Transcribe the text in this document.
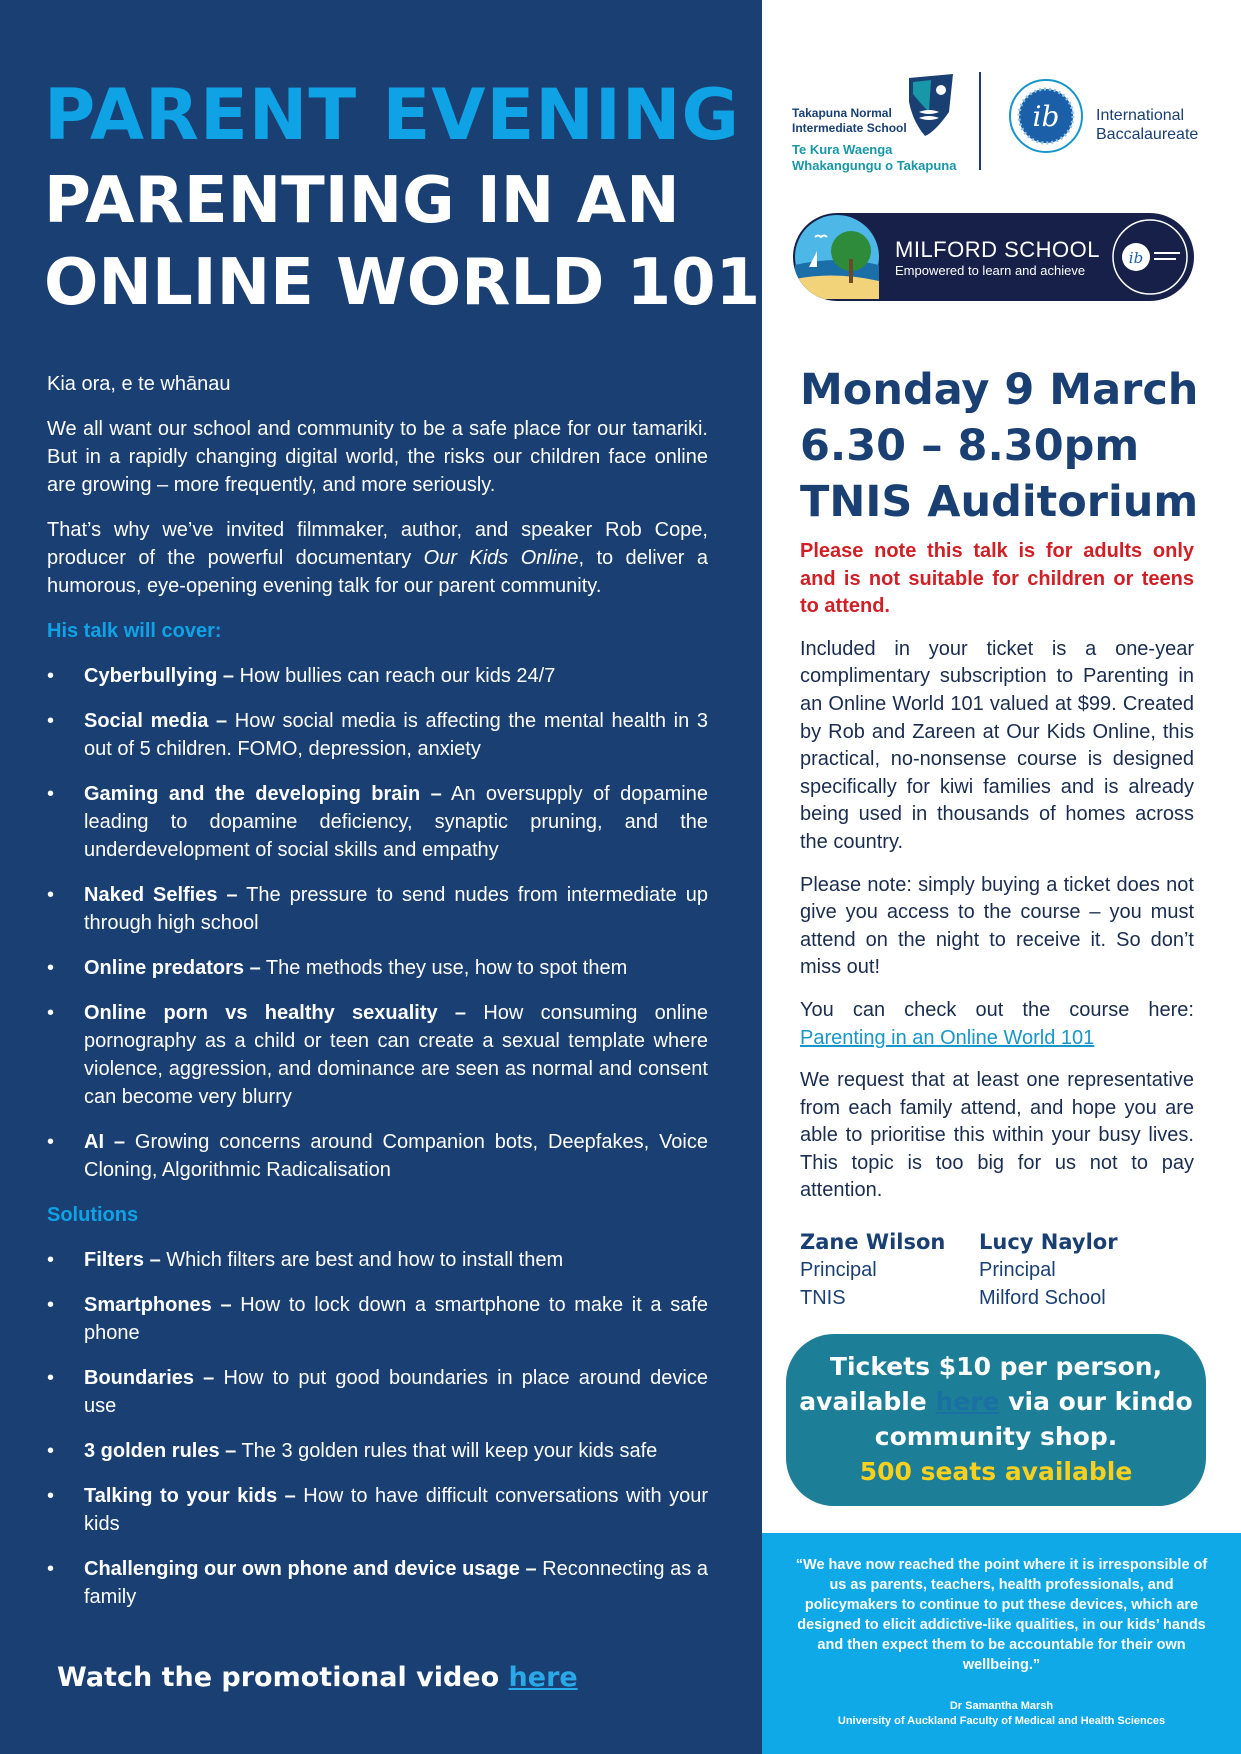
PARENT EVENING
PARENTING IN AN
ONLINE WORLD 101

Kia ora, e te whānau

We all want our school and community to be a safe place for our tamariki. But in a rapidly changing digital world, the risks our children face online are growing – more frequently, and more seriously.

That’s why we’ve invited filmmaker, author, and speaker Rob Cope, producer of the powerful documentary Our Kids Online, to deliver a humorous, eye-opening evening talk for our parent community.

His talk will cover:
• Cyberbullying – How bullies can reach our kids 24/7
• Social media – How social media is affecting the mental health in 3 out of 5 children. FOMO, depression, anxiety
• Gaming and the developing brain – An oversupply of dopamine leading to dopamine deficiency, synaptic pruning, and the underdevelopment of social skills and empathy
• Naked Selfies – The pressure to send nudes from intermediate up through high school
• Online predators – The methods they use, how to spot them
• Online porn vs healthy sexuality – How consuming online pornography as a child or teen can create a sexual template where violence, aggression, and dominance are seen as normal and consent can become very blurry
• AI – Growing concerns around Companion bots, Deepfakes, Voice Cloning, Algorithmic Radicalisation
Solutions
• Filters – Which filters are best and how to install them
• Smartphones – How to lock down a smartphone to make it a safe phone
• Boundaries – How to put good boundaries in place around device use
• 3 golden rules – The 3 golden rules that will keep your kids safe
• Talking to your kids – How to have difficult conversations with your kids
• Challenging our own phone and device usage – Reconnecting as a family
Watch the promotional video here
Takapuna Normal
Intermediate School
Te Kura Waenga
Whakangungu o Takapuna
ib International
Baccalaureate
MILFORD SCHOOL
Empowered to learn and achieve
ib
Monday 9 March
6.30 – 8.30pm
TNIS Auditorium

Please note this talk is for adults only and is not suitable for children or teens to attend.

Included in your ticket is a one-year complimentary subscription to Parenting in an Online World 101 valued at $99. Created by Rob and Zareen at Our Kids Online, this practical, no-nonsense course is designed specifically for kiwi families and is already being used in thousands of homes across the country.

Please note: simply buying a ticket does not give you access to the course – you must attend on the night to receive it. So don’t miss out!

You can check out the course here: Parenting in an Online World 101

We request that at least one representative from each family attend, and hope you are able to prioritise this within your busy lives. This topic is too big for us not to pay attention.

Zane Wilson
Principal
TNIS
Lucy Naylor
Principal
Milford School
Tickets $10 per person,
available here via our kindo
community shop.
500 seats available
“We have now reached the point where it is irresponsible of us as parents, teachers, health professionals, and policymakers to continue to put these devices, which are designed to elicit addictive-like qualities, in our kids’ hands and then expect them to be accountable for their own wellbeing.”
Dr Samantha Marsh
University of Auckland Faculty of Medical and Health Sciences
